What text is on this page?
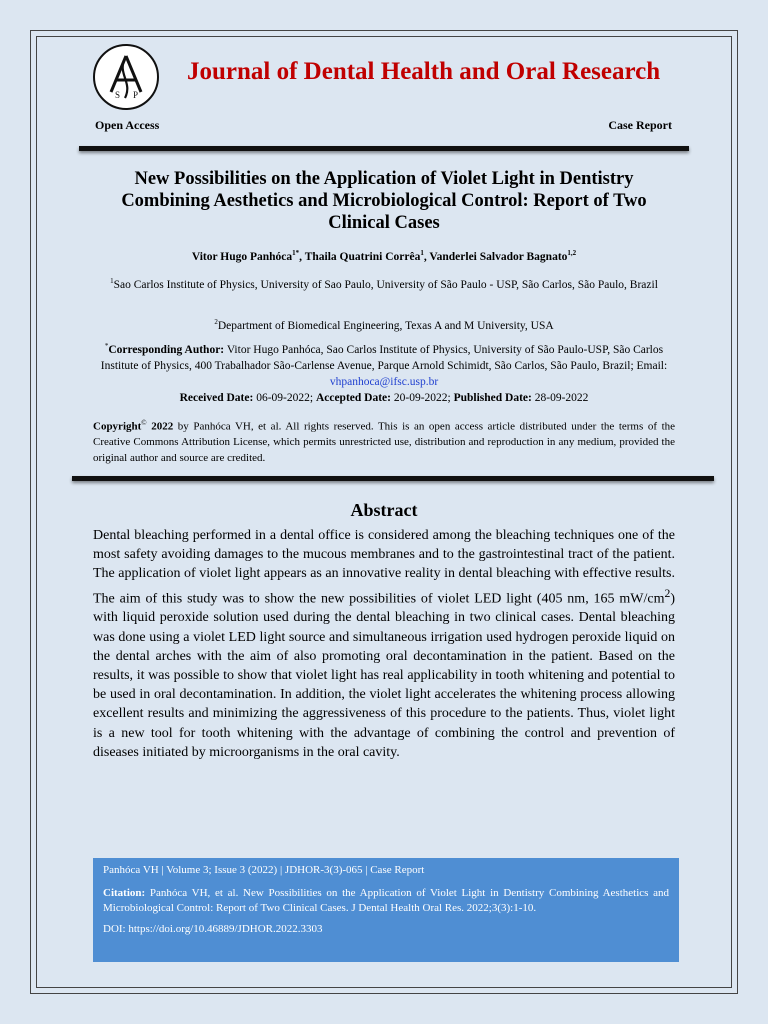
S P
Journal of Dental Health and Oral Research
Open Access	Case Report
New Possibilities on the Application of Violet Light in Dentistry Combining Aesthetics and Microbiological Control: Report of Two Clinical Cases
Vitor Hugo Panhóca$^{1*}$, Thaila Quatrini Corrêa$^1$, Vanderlei Salvador Bagnato$^{1,2}$
$^1$Sao Carlos Institute of Physics, University of Sao Paulo, University of São Paulo - USP, São Carlos, São Paulo, Brazil
$^2$Department of Biomedical Engineering, Texas A and M University, USA
*Corresponding Author: Vitor Hugo Panhóca, Sao Carlos Institute of Physics, University of São Paulo-USP, São Carlos Institute of Physics, 400 Trabalhador São-Carlense Avenue, Parque Arnold Schimidt, São Carlos, São Paulo, Brazil; Email: vhpanhoca@ifsc.usp.br
Received Date: 06-09-2022; Accepted Date: 20-09-2022; Published Date: 28-09-2022
Copyright© 2022 by Panhóca VH, et al. All rights reserved. This is an open access article distributed under the terms of the Creative Commons Attribution License, which permits unrestricted use, distribution and reproduction in any medium, provided the original author and source are credited.
Abstract
Dental bleaching performed in a dental office is considered among the bleaching techniques one of the most safety avoiding damages to the mucous membranes and to the gastrointestinal tract of the patient. The application of violet light appears as an innovative reality in dental bleaching with effective results. The aim of this study was to show the new possibilities of violet LED light (405 nm, 165 $mW/cm^2$) with liquid peroxide solution used during the dental bleaching in two clinical cases. Dental bleaching was done using a violet LED light source and simultaneous irrigation used hydrogen peroxide liquid on the dental arches with the aim of also promoting oral decontamination in the patient. Based on the results, it was possible to show that violet light has real applicability in tooth whitening and potential to be used in oral decontamination. In addition, the violet light accelerates the whitening process allowing excellent results and minimizing the aggressiveness of this procedure to the patients. Thus, violet light is a new tool for tooth whitening with the advantage of combining the control and prevention of diseases initiated by microorganisms in the oral cavity.

Panhóca VH | Volume 3; Issue 3 (2022) | JDHOR-3(3)-065 | Case Report

Citation: Panhóca VH, et al. New Possibilities on the Application of Violet Light in Dentistry Combining Aesthetics and Microbiological Control: Report of Two Clinical Cases. J Dental Health Oral Res. 2022;3(3):1-10.

DOI: https://doi.org/10.46889/JDHOR.2022.3303
